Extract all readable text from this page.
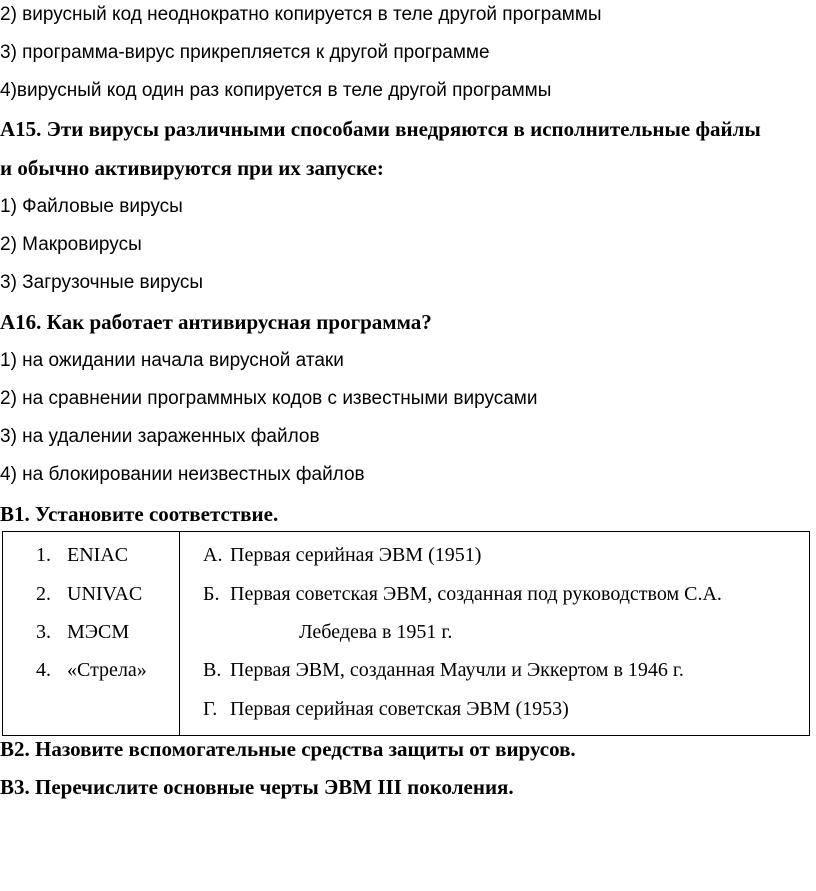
2) вирусный код неоднократно копируется в теле другой программы
3) программа-вирус прикрепляется к другой программе
4)вирусный код один раз копируется в теле другой программы
А15. Эти вирусы различными способами внедряются в исполнительные файлы
и обычно активируются при их запуске:
1) Файловые вирусы
2) Макровирусы
3) Загрузочные вирусы
А16. Как работает антивирусная программа?
1) на ожидании начала вирусной атаки
2) на сравнении программных кодов с известными вирусами
3) на удалении зараженных файлов
4) на блокировании неизвестных файлов
В1. Установите соответствие.
1. ENIAC
2. UNIVAC
3. МЭСМ
4. «Стрела»
А. Первая серийная ЭВМ (1951)
Б. Первая советская ЭВМ, созданная под руководством С.А.
Лебедева в 1951 г.
В. Первая ЭВМ, созданная Маучли и Эккертом в 1946 г.
Г. Первая серийная советская ЭВМ (1953)
В2. Назовите вспомогательные средства защиты от вирусов.
В3. Перечислите основные черты ЭВМ III поколения.
